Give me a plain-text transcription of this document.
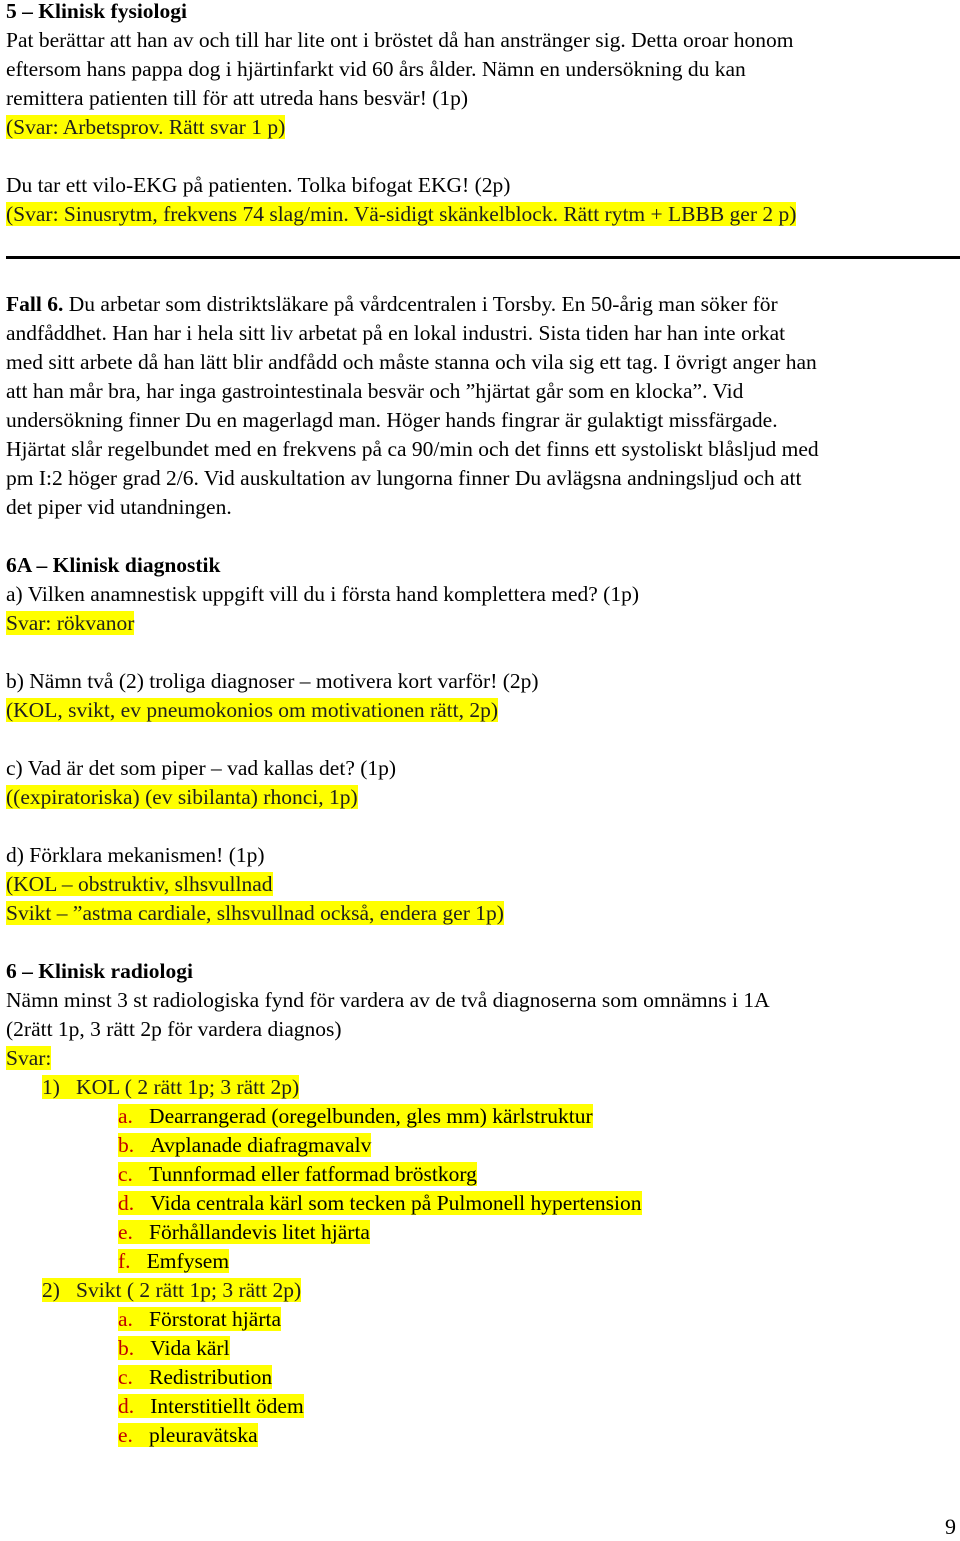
5 – Klinisk fysiologi
Pat berättar att han av och till har lite ont i bröstet då han anstränger sig. Detta oroar honom
eftersom hans pappa dog i hjärtinfarkt vid 60 års ålder. Nämn en undersökning du kan
remittera patienten till för att utreda hans besvär! (1p)
(Svar: Arbetsprov. Rätt svar 1 p)
Du tar ett vilo-EKG på patienten. Tolka bifogat EKG! (2p)
(Svar: Sinusrytm, frekvens 74 slag/min. Vä-sidigt skänkelblock. Rätt rytm + LBBB ger 2 p)
Fall 6. Du arbetar som distriktsläkare på vårdcentralen i Torsby. En 50-årig man söker för
andfåddhet. Han har i hela sitt liv arbetat på en lokal industri. Sista tiden har han inte orkat
med sitt arbete då han lätt blir andfådd och måste stanna och vila sig ett tag. I övrigt anger han
att han mår bra, har inga gastrointestinala besvär och ”hjärtat går som en klocka”. Vid
undersökning finner Du en magerlagd man. Höger hands fingrar är gulaktigt missfärgade.
Hjärtat slår regelbundet med en frekvens på ca 90/min och det finns ett systoliskt blåsljud med
pm I:2 höger grad 2/6. Vid auskultation av lungorna finner Du avlägsna andningsljud och att
det piper vid utandningen.
6A – Klinisk diagnostik
a) Vilken anamnestisk uppgift vill du i första hand komplettera med? (1p)
Svar: rökvanor
b) Nämn två (2) troliga diagnoser – motivera kort varför! (2p)
(KOL, svikt, ev pneumokonios om motivationen rätt, 2p)
c) Vad är det som piper – vad kallas det? (1p)
((expiratoriska) (ev sibilanta) rhonci, 1p)
d) Förklara mekanismen! (1p)
(KOL – obstruktiv, slhsvullnad
Svikt – ”astma cardiale, slhsvullnad också, endera ger 1p)
6 – Klinisk radiologi
Nämn minst 3 st radiologiska fynd för vardera av de två diagnoserna som omnämns i 1A
(2rätt 1p, 3 rätt 2p för vardera diagnos)
Svar:
1) KOL ( 2 rätt 1p; 3 rätt 2p)
a. Dearrangerad (oregelbunden, gles mm) kärlstruktur
b. Avplanade diafragmavalv
c. Tunnformad eller fatformad bröstkorg
d. Vida centrala kärl som tecken på Pulmonell hypertension
e. Förhållandevis litet hjärta
f. Emfysem
2) Svikt ( 2 rätt 1p; 3 rätt 2p)
a. Förstorat hjärta
b. Vida kärl
c. Redistribution
d. Interstitiellt ödem
e. pleuravätska
9
